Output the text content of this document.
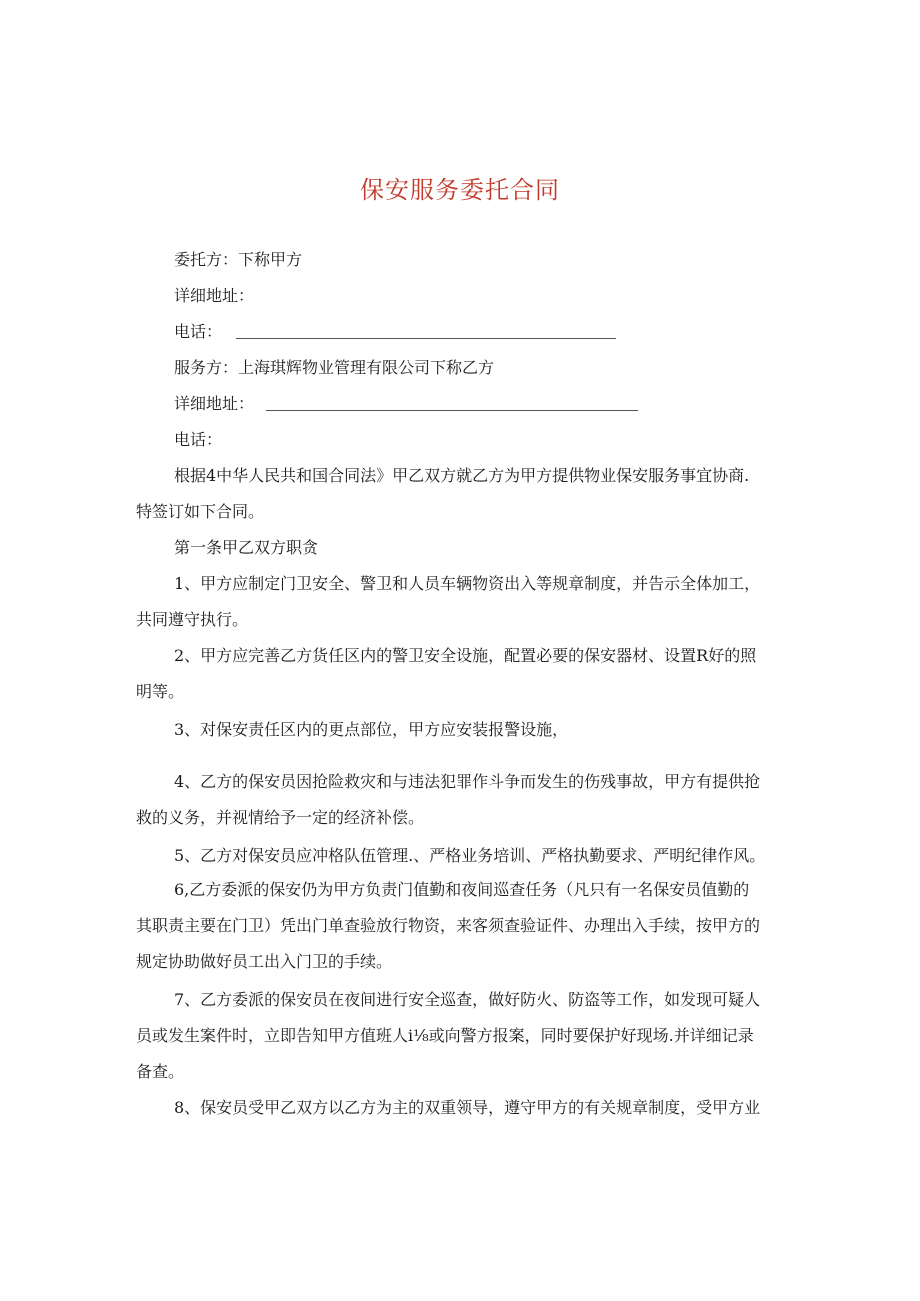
保安服务委托合同
委托方：下称甲方
详细地址：
电话：
服务方：上海琪辉物业管理有限公司下称乙方
详细地址：
电话：
根据4中华人民共和国合同法》甲乙双方就乙方为甲方提供物业保安服务事宜协商.
特签订如下合同。
第一条甲乙双方职贪
1、甲方应制定门卫安全、警卫和人员车辆物资出入等规章制度，并告示全体加工，
共同遵守执行。
2、甲方应完善乙方货任区内的警卫安全设施，配置必要的保安器材、设置R好的照
明等。
3、对保安责任区内的更点部位，甲方应安装报警设施，
4、乙方的保安员因抢险救灾和与违法犯罪作斗争而发生的伤残事故，甲方有提供抢
救的义务，并视情给予一定的经济补偿。
5、乙方对保安员应冲格队伍管理.、严格业务培训、严格执勤要求、严明纪律作风。
6,乙方委派的保安仍为甲方负责门值勤和夜间巡查任务（凡只有一名保安员值勤的
其职责主要在门卫）凭出门单查验放行物资，来客须查验证件、办理出入手续，按甲方的
规定协助做好员工出入门卫的手续。
7、乙方委派的保安员在夜间进行安全巡查，做好防火、防盗等工作，如发现可疑人
员或发生案件时，立即告知甲方值班人i⅛或向警方报案，同时要保护好现场.并详细记录
备查。
8、保安员受甲乙双方以乙方为主的双重领导，遵守甲方的有关规章制度，受甲方业
